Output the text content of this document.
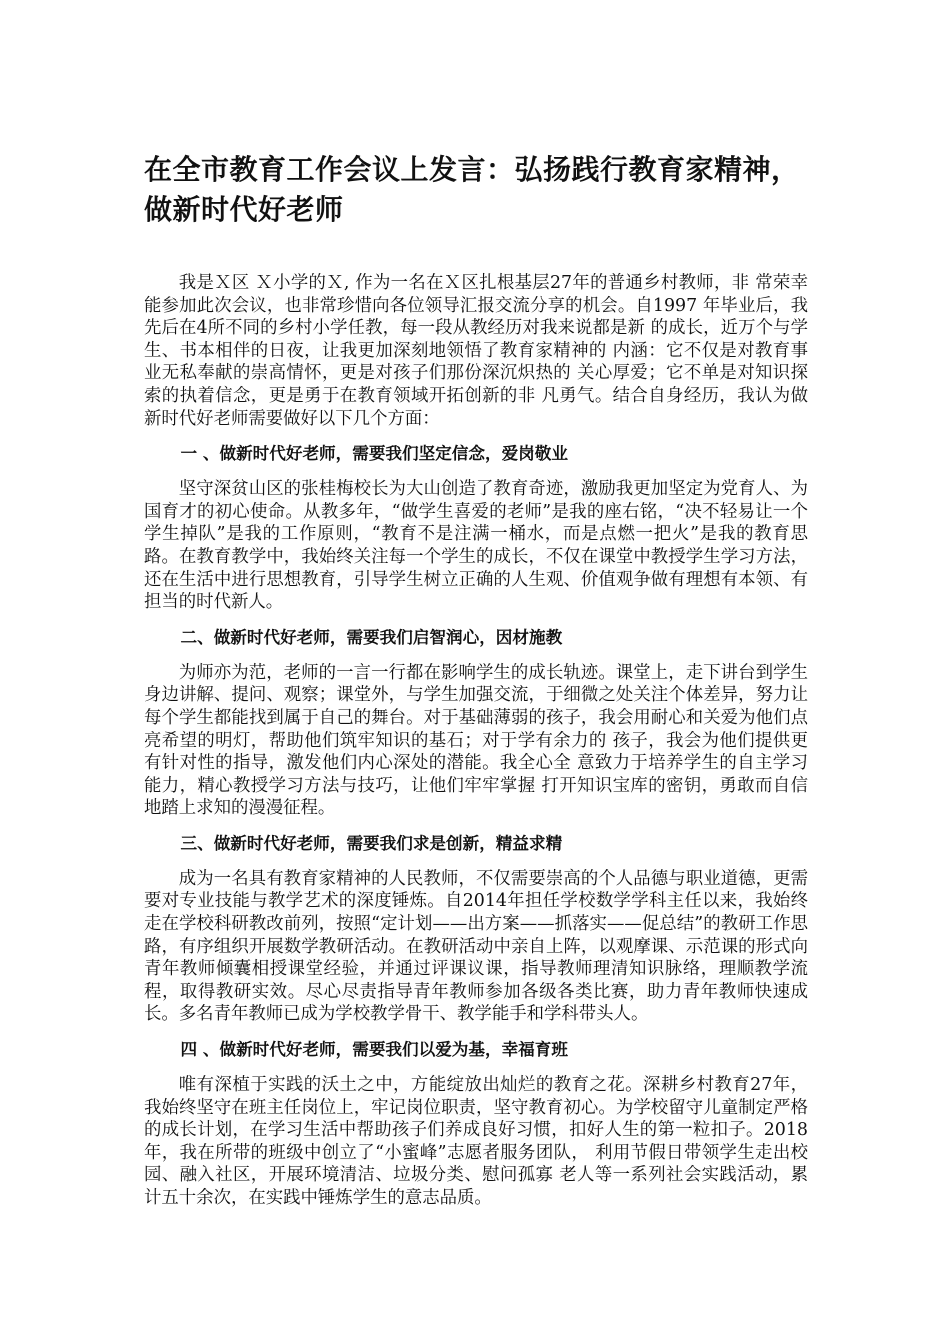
在全市教育工作会议上发言：弘扬践行教育家精神，做新时代好老师

我是Ｘ区 Ｘ小学的Ｘ, 作为一名在Ｘ区扎根基层27年的普通乡村教师，非 常荣幸能参加此次会议，也非常珍惜向各位领导汇报交流分享的机会。自1997 年毕业后，我先后在4所不同的乡村小学任教，每一段从教经历对我来说都是新 的成长，近万个与学生、书本相伴的日夜，让我更加深刻地领悟了教育家精神的 内涵：它不仅是对教育事业无私奉献的崇高情怀，更是对孩子们那份深沉炽热的 关心厚爱；它不单是对知识探索的执着信念，更是勇于在教育领域开拓创新的非 凡勇气。结合自身经历，我认为做新时代好老师需要做好以下几个方面：

一 、做新时代好老师，需要我们坚定信念，爱岗敬业

坚守深贫山区的张桂梅校长为大山创造了教育奇迹，激励我更加坚定为党育人、为国育才的初心使命。从教多年，“做学生喜爱的老师”是我的座右铭，“决不轻易让一个学生掉队”是我的工作原则，“教育不是注满一桶水，而是点燃一把火”是我的教育思路。在教育教学中，我始终关注每一个学生的成长，不仅在课堂中教授学生学习方法，还在生活中进行思想教育，引导学生树立正确的人生观、价值观争做有理想有本领、有担当的时代新人。

二、做新时代好老师，需要我们启智润心，因材施教

为师亦为范，老师的一言一行都在影响学生的成长轨迹。课堂上，走下讲台到学生身边讲解、提问、观察；课堂外，与学生加强交流，于细微之处关注个体差异，努力让每个学生都能找到属于自己的舞台。对于基础薄弱的孩子，我会用耐心和关爱为他们点亮希望的明灯，帮助他们筑牢知识的基石；对于学有余力的 孩子，我会为他们提供更有针对性的指导，激发他们内心深处的潜能。我全心全 意致力于培养学生的自主学习能力，精心教授学习方法与技巧，让他们牢牢掌握 打开知识宝库的密钥，勇敢而自信地踏上求知的漫漫征程。

三、做新时代好老师，需要我们求是创新，精益求精

成为一名具有教育家精神的人民教师，不仅需要崇高的个人品德与职业道德，更需要对专业技能与教学艺术的深度锤炼。自2014年担任学校数学学科主任以来，我始终走在学校科研教改前列，按照“定计划——出方案——抓落实——促总结”的教研工作思路，有序组织开展数学教研活动。在教研活动中亲自上阵，以观摩课、示范课的形式向青年教师倾囊相授课堂经验，并通过评课议课，指导教师理清知识脉络，理顺教学流程，取得教研实效。尽心尽责指导青年教师参加各级各类比赛，助力青年教师快速成长。多名青年教师已成为学校教学骨干、教学能手和学科带头人。

四 、做新时代好老师，需要我们以爱为基，幸福育班

唯有深植于实践的沃土之中，方能绽放出灿烂的教育之花。深耕乡村教育27年，我始终坚守在班主任岗位上，牢记岗位职责，坚守教育初心。为学校留守儿童制定严格的成长计划，在学习生活中帮助孩子们养成良好习惯，扣好人生的第一粒扣子。2018年，我在所带的班级中创立了“小蜜峰”志愿者服务团队， 利用节假日带领学生走出校园、融入社区，开展环境清洁、垃圾分类、慰问孤寡 老人等一系列社会实践活动，累计五十余次，在实践中锤炼学生的意志品质。
